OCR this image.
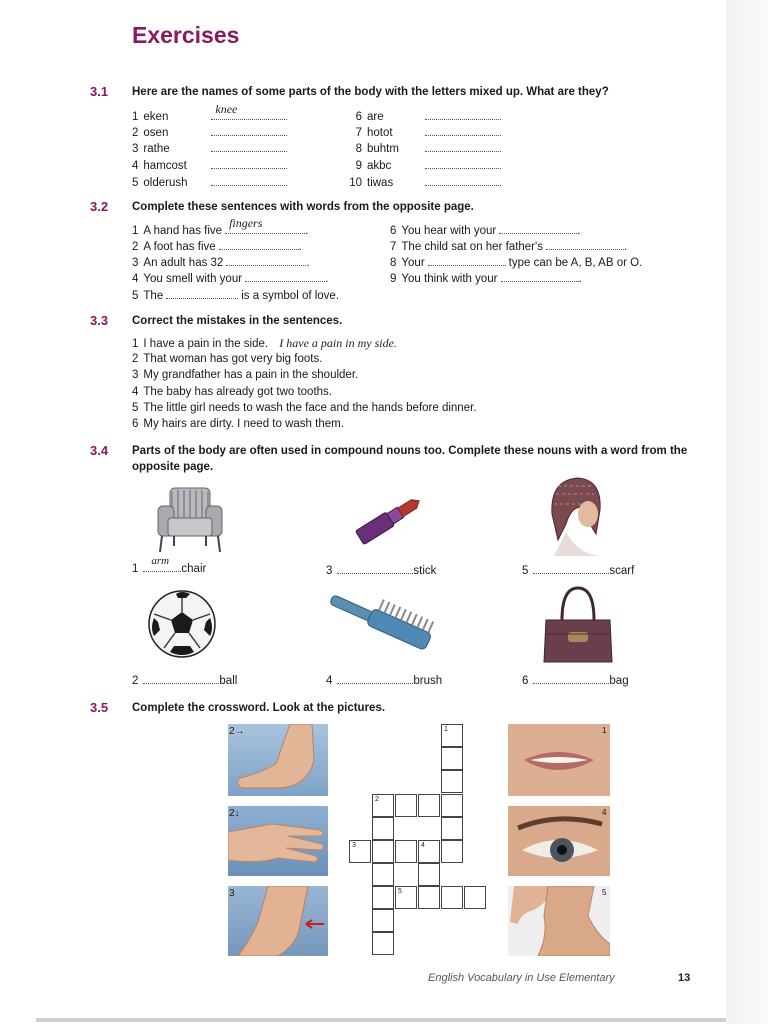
Exercises
3.1 Here are the names of some parts of the body with the letters mixed up. What are they?
1 eken
knee
2 osen
3 rathe
4 hamcost
5 olderush
6 are
7 hotot
8 buhtm
9 akbc
10 tiwas
3.2 Complete these sentences with words from the opposite page.
1 A hand has five
fingers
.
2 A foot has five	.
3 An adult has 32	.
4 You smell with your	.
5 The	is a symbol of love.
6 You hear with your	.
7 The child sat on her father's	.
8 Your	type can be A, B, AB or O.
9 You think with your	.
3.3 Correct the mistakes in the sentences.
1 I have a pain in the side. I have a pain in my side.
2 That woman has got very big foots.
3 My grandfather has a pain in the shoulder.
4 The baby has already got two tooths.
5 The little girl needs to wash the face and the hands before dinner.
6 My hairs are dirty. I need to wash them.
3.4 Parts of the body are often used in compound nouns too. Complete these nouns with a word from the opposite page.
1
arm
chair	3	stick	5	scarf
2	ball	4	brush	6	bag
3.5 Complete the crossword. Look at the pictures.
2→
2↓
3
1
2
3	4
5
1
4
5
English Vocabulary in Use Elementary	13
